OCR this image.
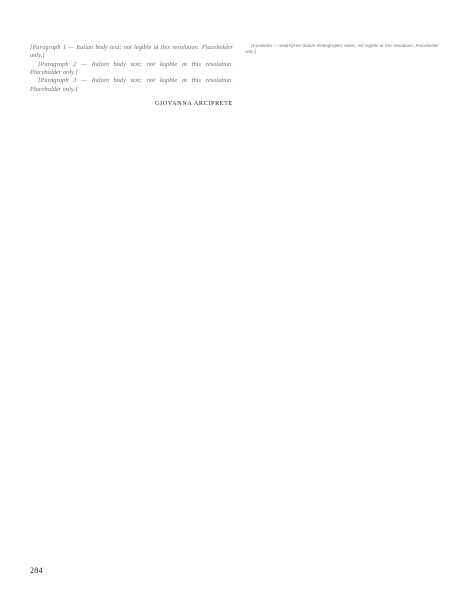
[Paragraph 1 — Italian body text; not legible at this resolution. Placeholder only.]

[Paragraph 2 — Italian body text; not legible at this resolution. Placeholder only.]

[Paragraph 3 — Italian body text; not legible at this resolution. Placeholder only.]

GIOVANNA ARCIPRETE

[Footnotes — small-print Italian bibliographic notes; not legible at this resolution. Placeholder only.]

284
